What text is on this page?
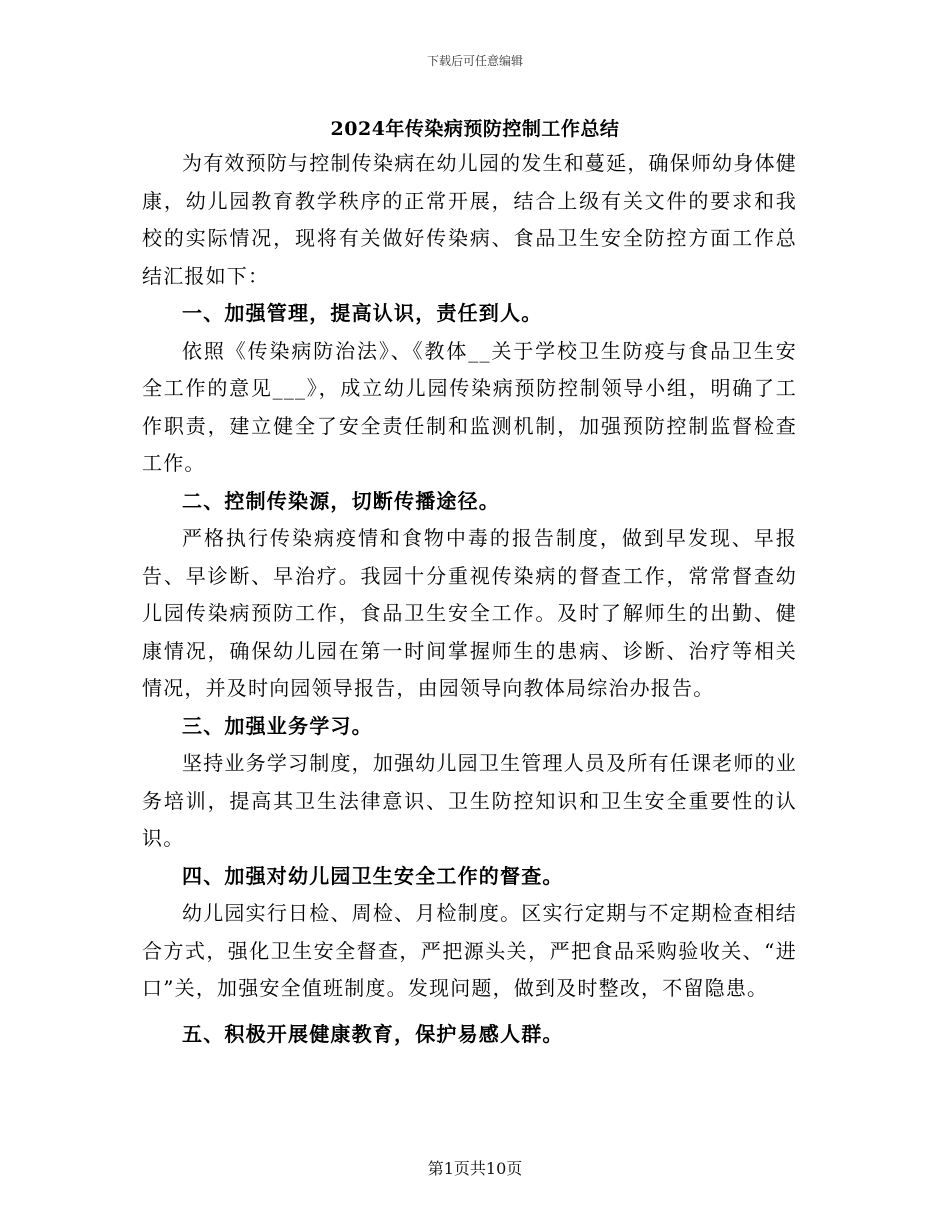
下载后可任意编辑
2024年传染病预防控制工作总结

为有效预防与控制传染病在幼儿园的发生和蔓延，确保师幼身体健康，幼儿园教育教学秩序的正常开展，结合上级有关文件的要求和我校的实际情况，现将有关做好传染病、食品卫生安全防控方面工作总结汇报如下：

一、加强管理，提高认识，责任到人。

依照《传染病防治法》、《教体__关于学校卫生防疫与食品卫生安全工作的意见___》，成立幼儿园传染病预防控制领导小组，明确了工作职责，建立健全了安全责任制和监测机制，加强预防控制监督检查工作。

二、控制传染源，切断传播途径。

严格执行传染病疫情和食物中毒的报告制度，做到早发现、早报告、早诊断、早治疗。我园十分重视传染病的督查工作，常常督查幼儿园传染病预防工作，食品卫生安全工作。及时了解师生的出勤、健康情况，确保幼儿园在第一时间掌握师生的患病、诊断、治疗等相关情况，并及时向园领导报告，由园领导向教体局综治办报告。

三、加强业务学习。

坚持业务学习制度，加强幼儿园卫生管理人员及所有任课老师的业务培训，提高其卫生法律意识、卫生防控知识和卫生安全重要性的认识。

四、加强对幼儿园卫生安全工作的督查。

幼儿园实行日检、周检、月检制度。区实行定期与不定期检查相结合方式，强化卫生安全督查，严把源头关，严把食品采购验收关、“进口”关，加强安全值班制度。发现问题，做到及时整改，不留隐患。

五、积极开展健康教育，保护易感人群。

第1页共10页
